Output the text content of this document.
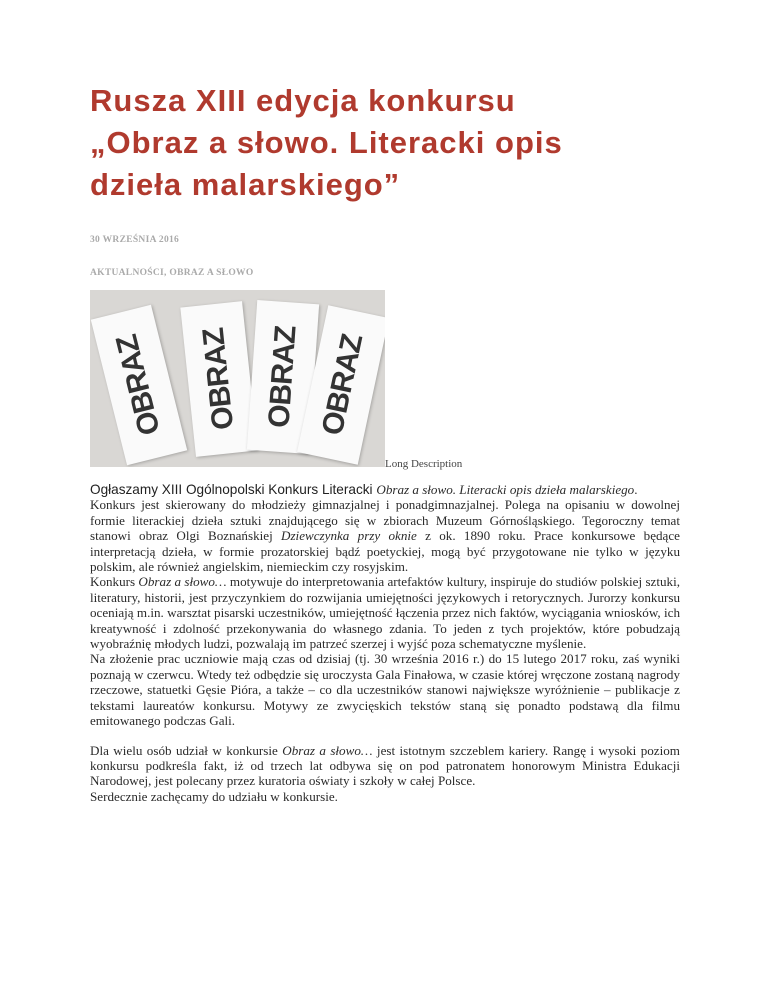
Rusza XIII edycja konkursu
„Obraz a słowo. Literacki opis
dzieła malarskiego”
30 WRZEŚNIA 2016
AKTUALNOŚCI, OBRAZ A SŁOWO
OBRAZ OBRAZ OBRAZ OBRAZ
Long Description

Ogłaszamy XIII Ogólnopolski Konkurs Literacki Obraz a słowo. Literacki opis dzieła malarskiego.

Konkurs jest skierowany do młodzieży gimnazjalnej i ponadgimnazjalnej. Polega na opisaniu w dowolnej formie literackiej dzieła sztuki znajdującego się w zbiorach Muzeum Górnośląskiego. Tegoroczny temat stanowi obraz Olgi Boznańskiej Dziewczynka przy oknie z ok. 1890 roku. Prace konkursowe będące interpretacją dzieła, w formie prozatorskiej bądź poetyckiej, mogą być przygotowane nie tylko w języku polskim, ale również angielskim, niemieckim czy rosyjskim.

Konkurs Obraz a słowo… motywuje do interpretowania artefaktów kultury, inspiruje do studiów polskiej sztuki, literatury, historii, jest przyczynkiem do rozwijania umiejętności językowych i retorycznych. Jurorzy konkursu oceniają m.in. warsztat pisarski uczestników, umiejętność łączenia przez nich faktów, wyciągania wniosków, ich kreatywność i zdolność przekonywania do własnego zdania. To jeden z tych projektów, które pobudzają wyobraźnię młodych ludzi, pozwalają im patrzeć szerzej i wyjść poza schematyczne myślenie.

Na złożenie prac uczniowie mają czas od dzisiaj (tj. 30 września 2016 r.) do 15 lutego 2017 roku, zaś wyniki poznają w czerwcu. Wtedy też odbędzie się uroczysta Gala Finałowa, w czasie której wręczone zostaną nagrody rzeczowe, statuetki Gęsie Pióra, a także – co dla uczestników stanowi największe wyróżnienie – publikacje z tekstami laureatów konkursu. Motywy ze zwycięskich tekstów staną się ponadto podstawą dla filmu emitowanego podczas Gali.

Dla wielu osób udział w konkursie Obraz a słowo… jest istotnym szczeblem kariery. Rangę i wysoki poziom konkursu podkreśla fakt, iż od trzech lat odbywa się on pod patronatem honorowym Ministra Edukacji Narodowej, jest polecany przez kuratoria oświaty i szkoły w całej Polsce.

Serdecznie zachęcamy do udziału w konkursie.
